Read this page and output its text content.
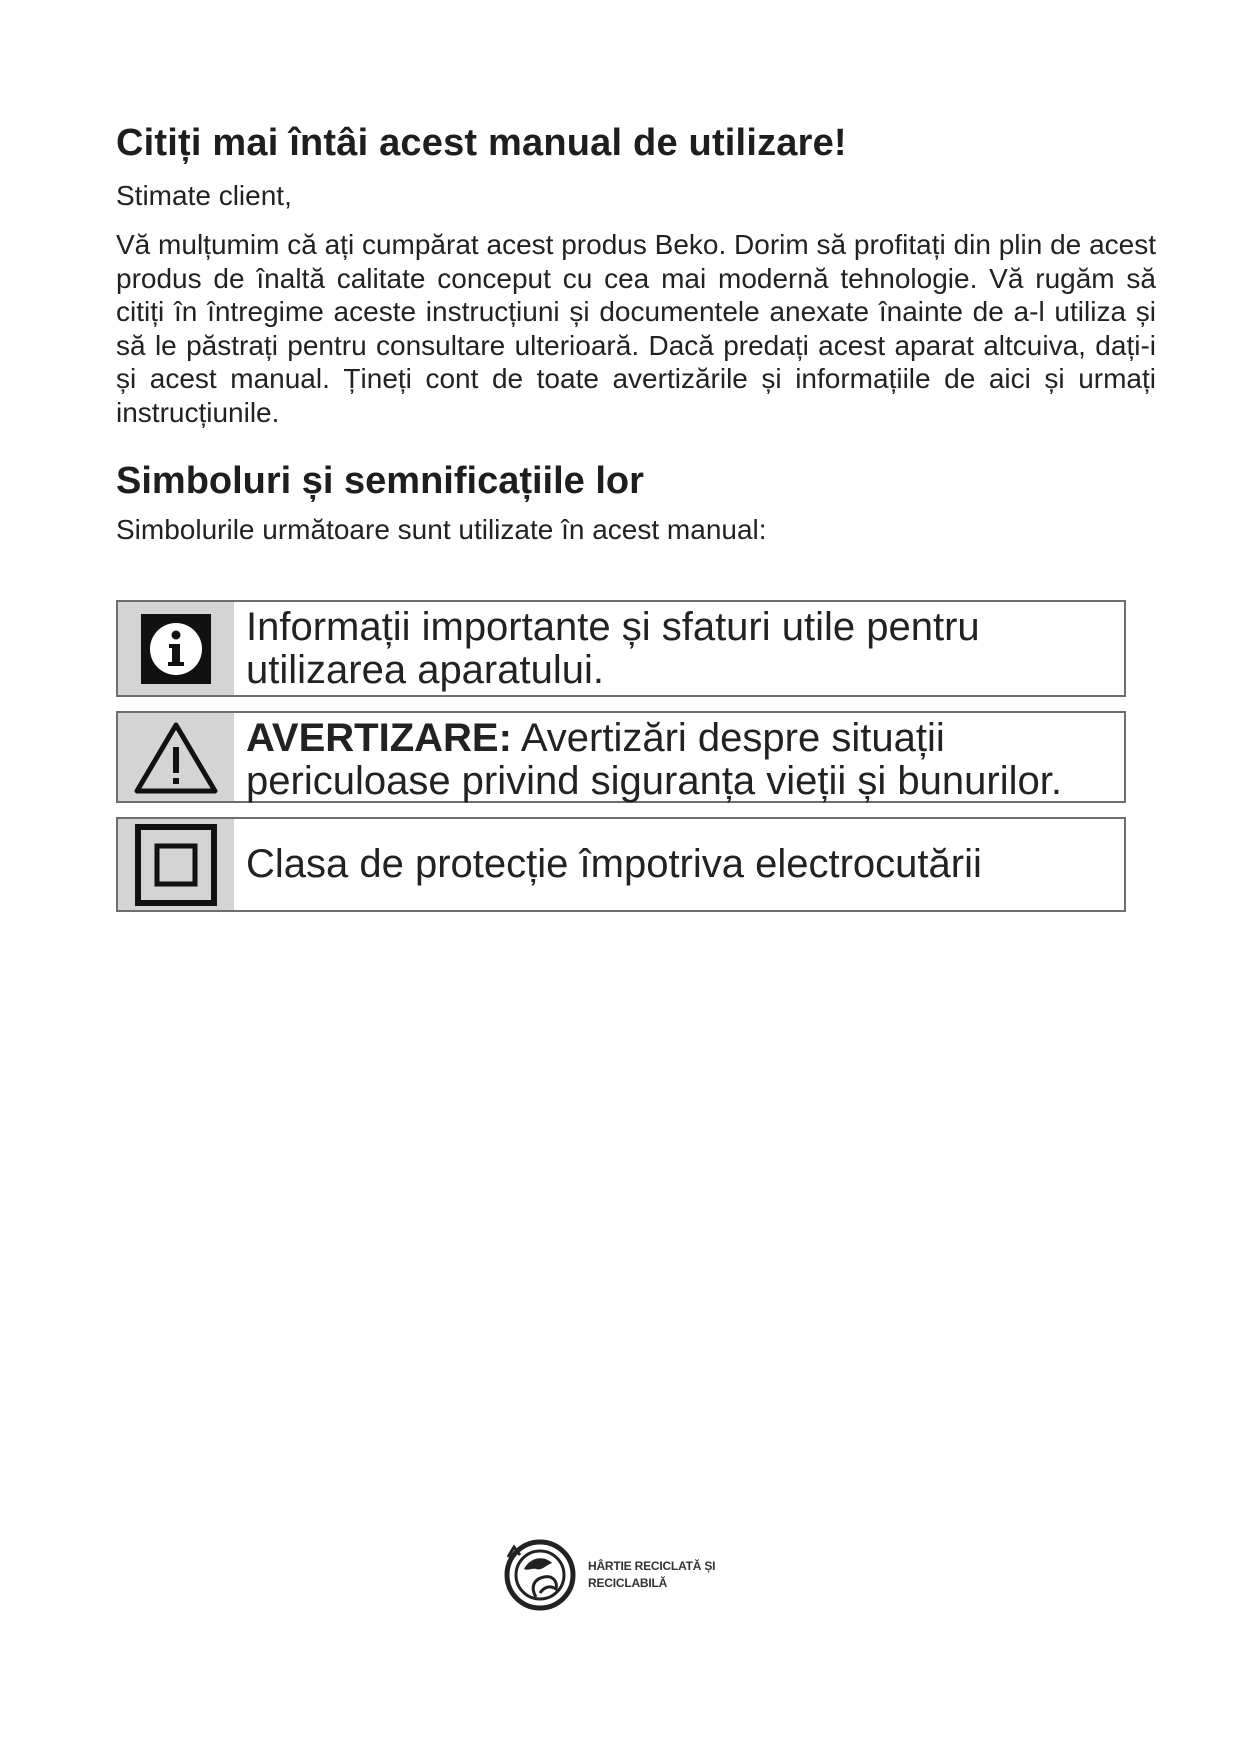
Citiți mai întâi acest manual de utilizare!
Stimate client,

Vă mulțumim că ați cumpărat acest produs Beko. Dorim să profitați din plin de acest produs de înaltă calitate conceput cu cea mai modernă tehnologie. Vă rugăm să citiți în întregime aceste instrucțiuni și documentele anexate înainte de a-l utiliza și să le păstrați pentru consultare ulterioară. Dacă predați acest aparat altcuiva, dați-i și acest manual. Țineți cont de toate avertizările și informațiile de aici și urmați instrucțiunile.

Simboluri și semnificațiile lor
Simbolurile următoare sunt utilizate în acest manual:
Informații importante și sfaturi utile pentru utilizarea aparatului.
AVERTIZARE: Avertizări despre situații periculoase privind siguranța vieții și bunurilor.
Clasa de protecție împotriva electrocutării
HÂRTIE RECICLATĂ ȘI
RECICLABILĂ
